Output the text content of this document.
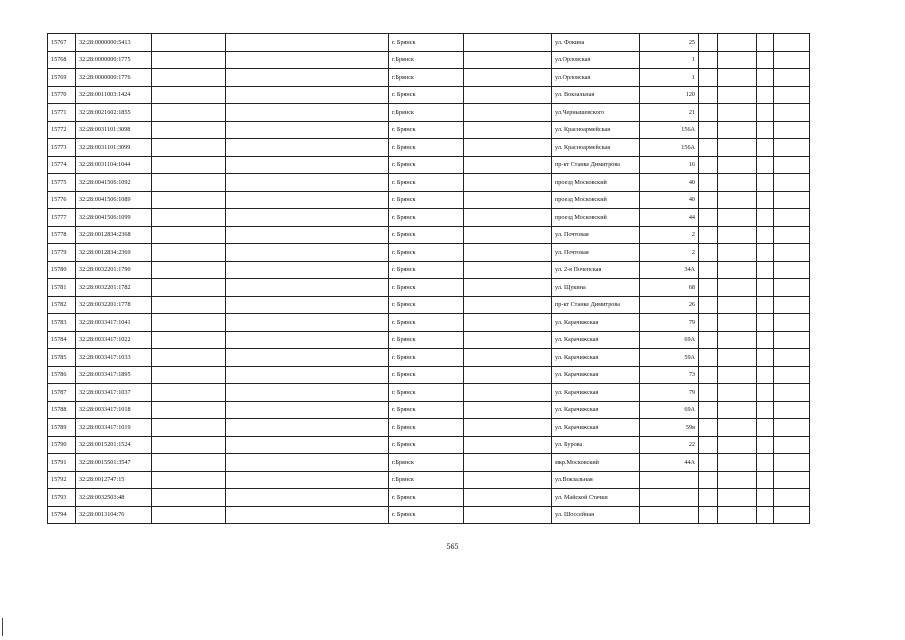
15767	32:28:0000000:5413			г. Брянск		ул. Фокина	25				
15768	32:28:0000000:1775			г.Брянск		ул.Орловская	1				
15769	32:28:0000000:1776			г.Брянск		ул.Орловская	1				
15770	32:28:0011003:1424			г. Брянск		ул. Вокзальная	120				
15771	32:28:0021602:1855			г.Брянск		ул.Чернышевского	21				
15772	32:28:0031101:3098			г. Брянск		ул. Красноармейская	156А				
15773	32:28:0031101:3099			г. Брянск		ул. Красноармейская	156А				
15774	32:28:0031104:1044			г. Брянск		пр-кт Станке Димитрова	16				
15775	32:28:0041506:1092			г. Брянск		проезд Московский	40				
15776	32:28:0041506:1089			г. Брянск		проезд Московский	40				
15777	32:28:0041506:1099			г. Брянск		проезд Московский	44				
15778	32:28:0012834:2368			г. Брянск		ул. Почтовая	2				
15779	32:28:0012834:2369			г. Брянск		ул. Почтовая	2				
15780	32:28:0032201:1790			г. Брянск		ул. 2-я Почепская	34А				
15781	32:28:0032201:1782			г. Брянск		ул. Щукина	68				
15782	32:28:0032201:1778			г. Брянск		пр-кт Станке Димитрова	26				
15783	32:28:0033417:1041			г. Брянск		ул. Карачижская	79				
15784	32:28:0033417:1022			г. Брянск		ул. Карачижская	69А				
15785	32:28:0033417:1033			г. Брянск		ул. Карачижская	59А				
15786	32:28:0033417:1895			г. Брянск		ул. Карачижская	73				
15787	32:28:0033417:1037			г. Брянск		ул. Карачижская	79				
15788	32:28:0033417:1018			г. Брянск		ул. Карачижская	69А				
15789	32:28:0033417:1019			г. Брянск		ул. Карачижская	59в				
15790	32:28:0015201:1524			г. Брянск		ул. Бурова	22				
15791	32:28:0015501:3547			г.Брянск		мкр.Московский	44А				
15792	32:28:0012747:15			г.Брянск		ул.Вокзальная					
15793	32:28:0032503:48			г. Брянск		ул. Майской Стачки					
15794	32:28:0013104:76			г. Брянск		ул. Шоссейная					
565
